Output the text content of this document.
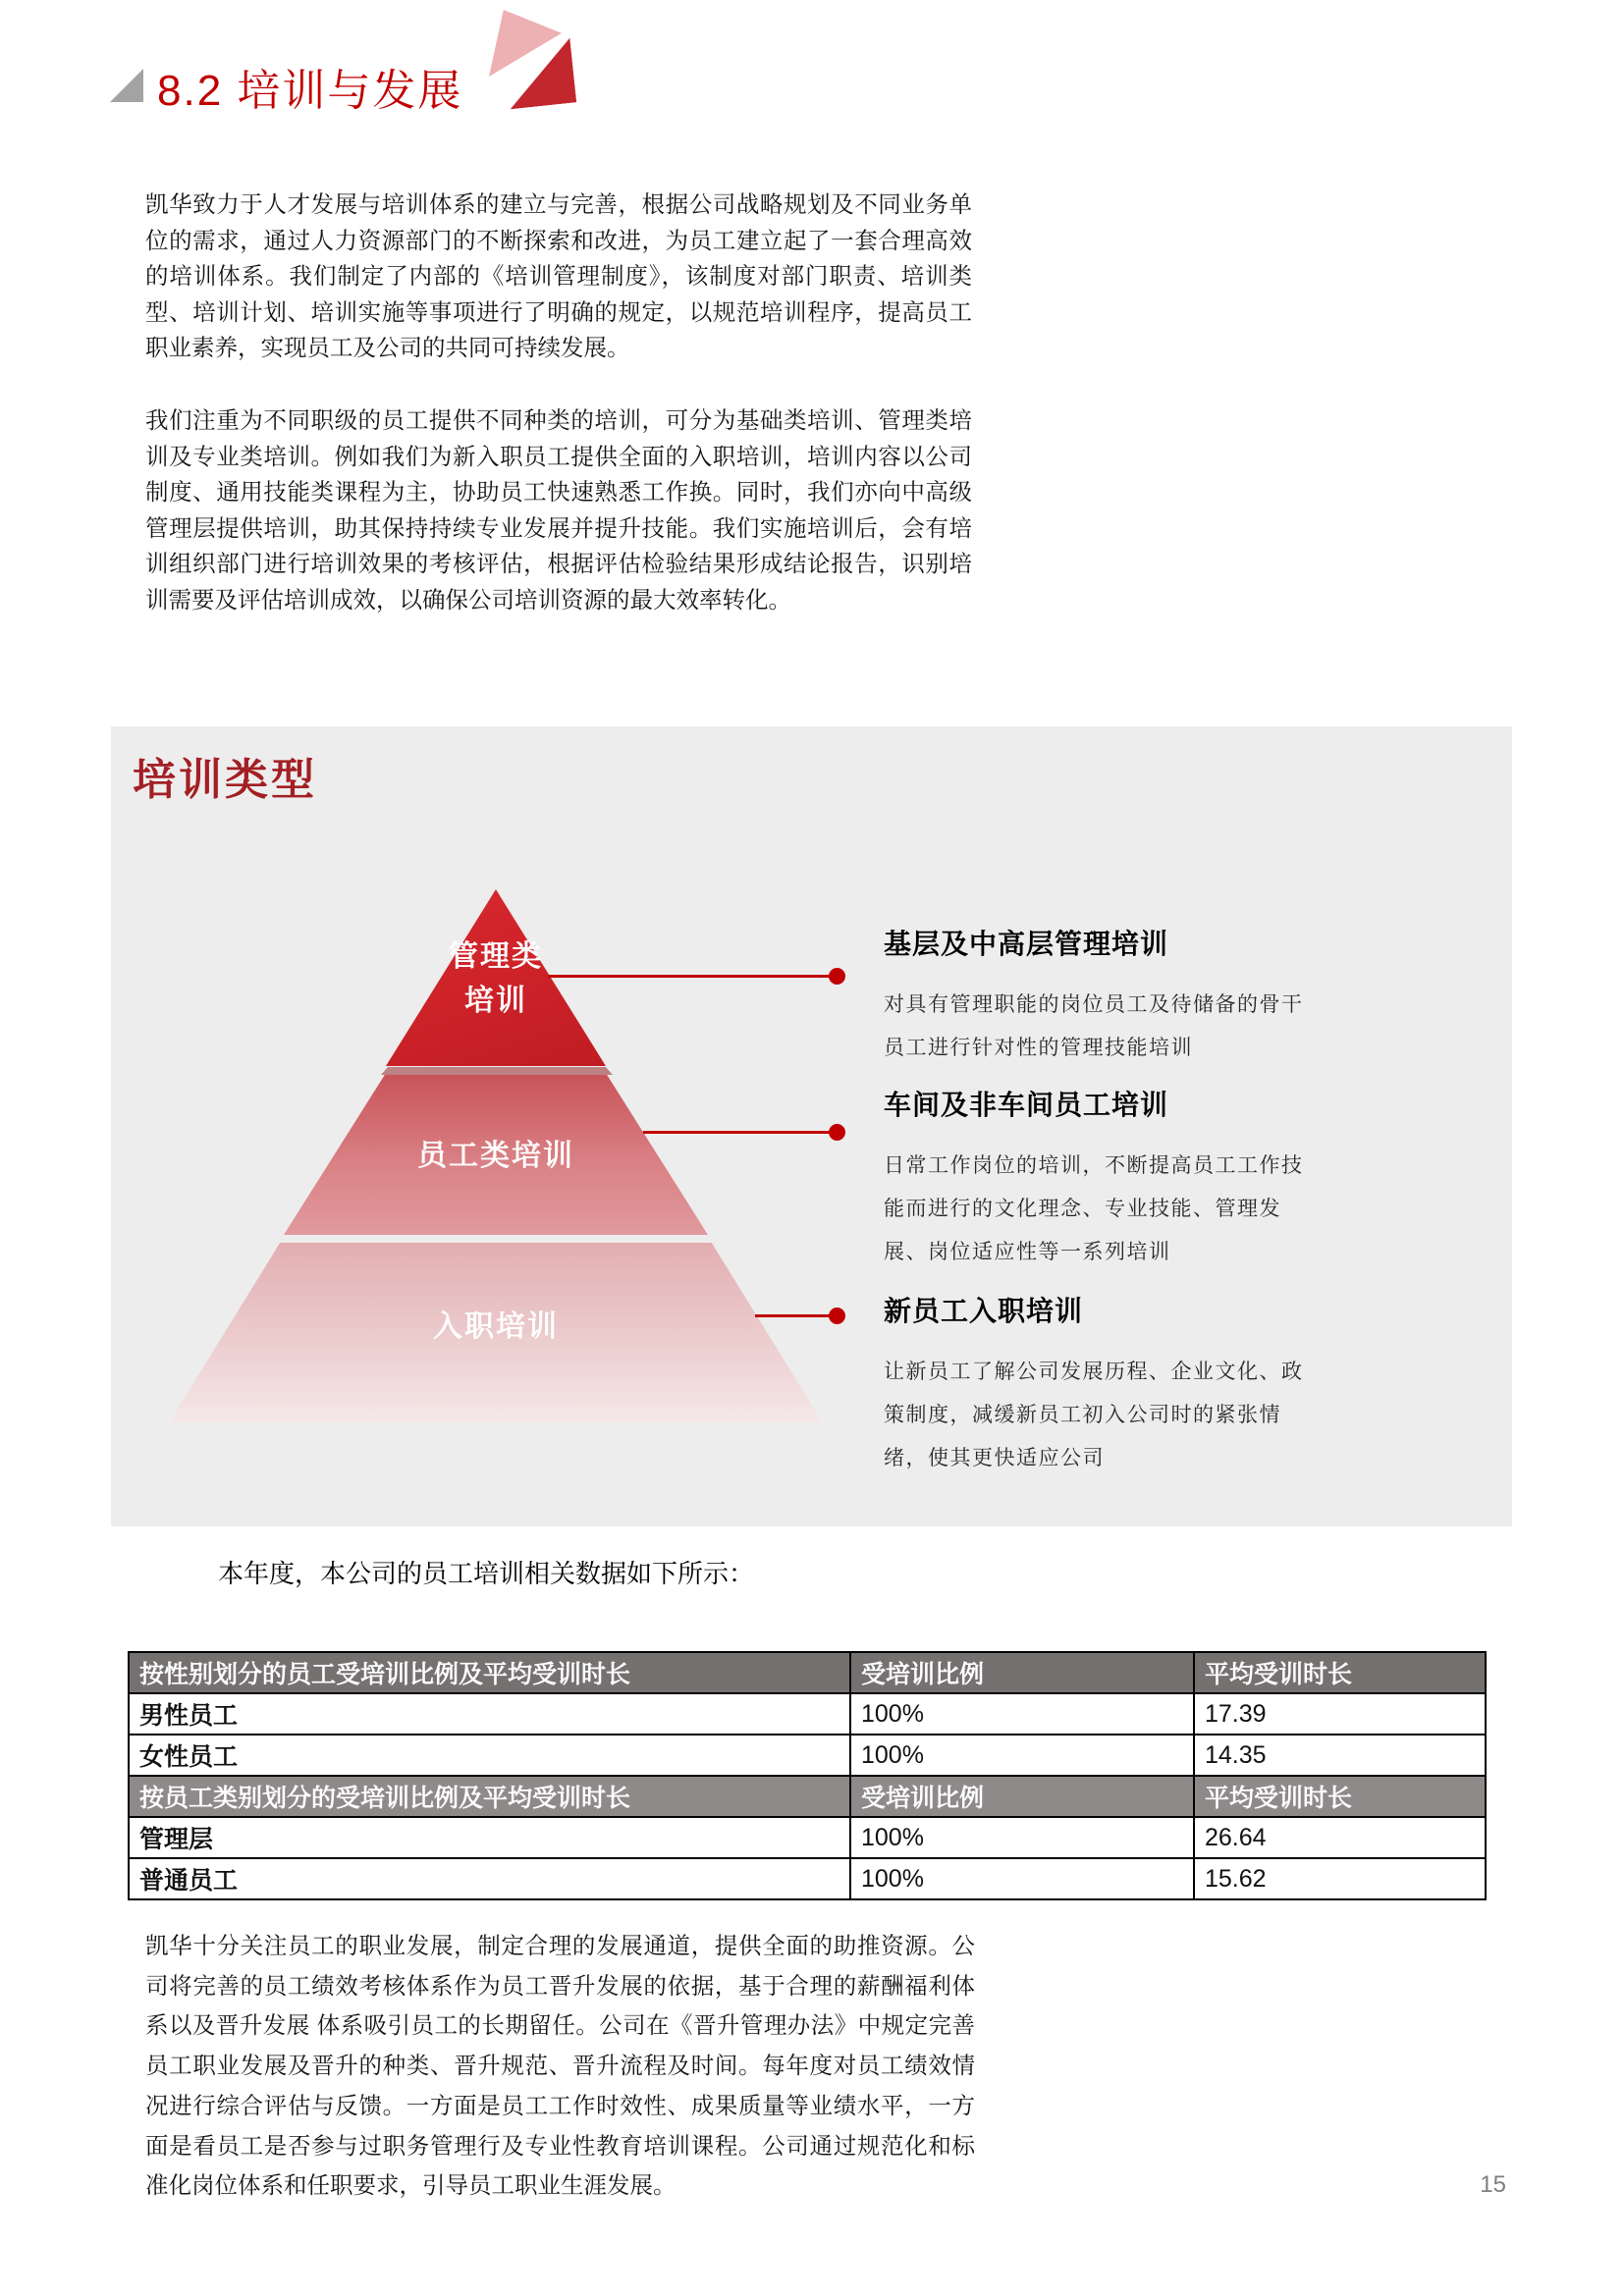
8.2 培训与发展

凯华致力于人才发展与培训体系的建立与完善，根据公司战略规划及不同业务单位的需求，通过人力资源部门的不断探索和改进，为员工建立起了一套合理高效的培训体系。我们制定了内部的《培训管理制度》，该制度对部门职责、培训类型、培训计划、培训实施等事项进行了明确的规定，以规范培训程序，提高员工职业素养，实现员工及公司的共同可持续发展。

我们注重为不同职级的员工提供不同种类的培训，可分为基础类培训、管理类培训及专业类培训。例如我们为新入职员工提供全面的入职培训，培训内容以公司制度、通用技能类课程为主，协助员工快速熟悉工作换。同时，我们亦向中高级管理层提供培训，助其保持持续专业发展并提升技能。我们实施培训后，会有培训组织部门进行培训效果的考核评估，根据评估检验结果形成结论报告，识别培训需要及评估培训成效，以确保公司培训资源的最大效率转化。

培训类型
管理类培训
员工类培训
入职培训
基层及中高层管理培训

对具有管理职能的岗位员工及待储备的骨干员工进行针对性的管理技能培训

车间及非车间员工培训

日常工作岗位的培训，不断提高员工工作技能而进行的文化理念、专业技能、管理发展、岗位适应性等一系列培训

新员工入职培训

让新员工了解公司发展历程、企业文化、政策制度，减缓新员工初入公司时的紧张情绪，使其更快适应公司

本年度，本公司的员工培训相关数据如下所示：

按性别划分的员工受培训比例及平均受训时长	受培训比例	平均受训时长
男性员工	100%	17.39
女性员工	100%	14.35
按员工类别划分的受培训比例及平均受训时长	受培训比例	平均受训时长
管理层	100%	26.64
普通员工	100%	15.62

凯华十分关注员工的职业发展，制定合理的发展通道，提供全面的助推资源。公司将完善的员工绩效考核体系作为员工晋升发展的依据，基于合理的薪酬福利体系以及晋升发展 体系吸引员工的长期留任。公司在《晋升管理办法》中规定完善员工职业发展及晋升的种类、晋升规范、晋升流程及时间。每年度对员工绩效情况进行综合评估与反馈。一方面是员工工作时效性、成果质量等业绩水平，一方面是看员工是否参与过职务管理行及专业性教育培训课程。公司通过规范化和标准化岗位体系和任职要求，引导员工职业生涯发展。	15
